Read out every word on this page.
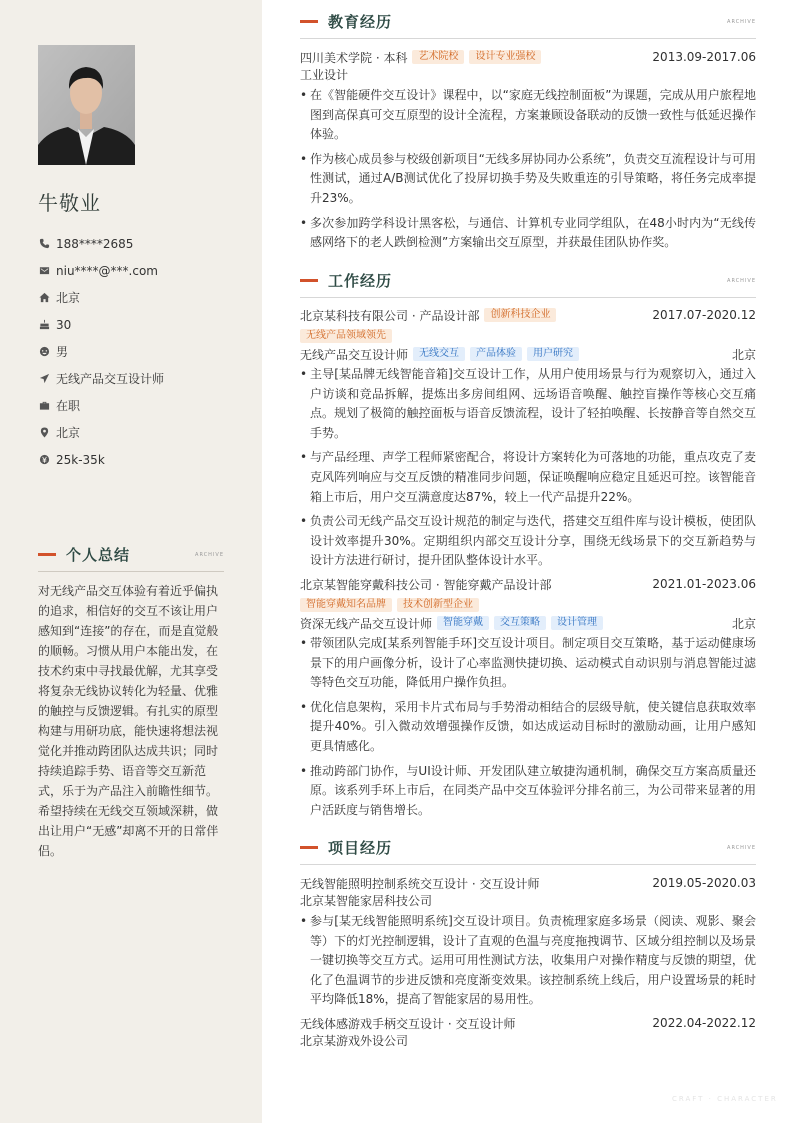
牛敬业
188****2685
niu****@***.com
北京
30
男
无线产品交互设计师
在职
北京
25k-35k
个人总结	ARCHIVE
对无线产品交互体验有着近乎偏执的追求，相信好的交互不该让用户感知到“连接”的存在，而是直觉般的顺畅。习惯从用户本能出发，在技术约束中寻找最优解，尤其享受将复杂无线协议转化为轻量、优雅的触控与反馈逻辑。有扎实的原型构建与用研功底，能快速将想法视觉化并推动跨团队达成共识；同时持续追踪手势、语音等交互新范式，乐于为产品注入前瞻性细节。希望持续在无线交互领域深耕，做出让用户“无感”却离不开的日常伴侣。
教育经历	ARCHIVE
四川美术学院 · 本科	艺术院校	设计专业强校	2013.09-2017.06
工业设计
• 在《智能硬件交互设计》课程中，以“家庭无线控制面板”为课题，完成从用户旅程地图到高保真可交互原型的设计全流程，方案兼顾设备联动的反馈一致性与低延迟操作体验。
• 作为核心成员参与校级创新项目“无线多屏协同办公系统”，负责交互流程设计与可用性测试，通过A/B测试优化了投屏切换手势及失败重连的引导策略，将任务完成率提升23%。
• 多次参加跨学科设计黑客松，与通信、计算机专业同学组队，在48小时内为“无线传感网络下的老人跌倒检测”方案输出交互原型，并获最佳团队协作奖。
工作经历	ARCHIVE
北京某科技有限公司 · 产品设计部	创新科技企业	2017.07-2020.12
无线产品领域领先
无线产品交互设计师	无线交互	产品体验	用户研究	北京
• 主导[某品牌无线智能音箱]交互设计工作，从用户使用场景与行为观察切入，通过入户访谈和竞品拆解，提炼出多房间组网、远场语音唤醒、触控盲操作等核心交互痛点。规划了极简的触控面板与语音反馈流程，设计了轻拍唤醒、长按静音等自然交互手势。
• 与产品经理、声学工程师紧密配合，将设计方案转化为可落地的功能，重点攻克了麦克风阵列响应与交互反馈的精准同步问题，保证唤醒响应稳定且延迟可控。该智能音箱上市后，用户交互满意度达87%，较上一代产品提升22%。
• 负责公司无线产品交互设计规范的制定与迭代，搭建交互组件库与设计模板，使团队设计效率提升30%。定期组织内部交互设计分享，围绕无线场景下的交互新趋势与设计方法进行研讨，提升团队整体设计水平。
北京某智能穿戴科技公司 · 智能穿戴产品设计部	2021.01-2023.06
智能穿戴知名品牌	技术创新型企业
资深无线产品交互设计师	智能穿戴	交互策略	设计管理	北京
• 带领团队完成[某系列智能手环]交互设计项目。制定项目交互策略，基于运动健康场景下的用户画像分析，设计了心率监测快捷切换、运动模式自动识别与消息智能过滤等特色交互功能，降低用户操作负担。
• 优化信息架构，采用卡片式布局与手势滑动相结合的层级导航，使关键信息获取效率提升40%。引入微动效增强操作反馈，如达成运动目标时的激励动画，让用户感知更具情感化。
• 推动跨部门协作，与UI设计师、开发团队建立敏捷沟通机制，确保交互方案高质量还原。该系列手环上市后，在同类产品中交互体验评分排名前三，为公司带来显著的用户活跃度与销售增长。
项目经历	ARCHIVE
无线智能照明控制系统交互设计 · 交互设计师	2019.05-2020.03
北京某智能家居科技公司
• 参与[某无线智能照明系统]交互设计项目。负责梳理家庭多场景（阅读、观影、聚会等）下的灯光控制逻辑，设计了直观的色温与亮度拖拽调节、区域分组控制以及场景一键切换等交互方式。运用可用性测试方法，收集用户对操作精度与反馈的期望，优化了色温调节的步进反馈和亮度渐变效果。该控制系统上线后，用户设置场景的耗时平均降低18%，提高了智能家居的易用性。
无线体感游戏手柄交互设计 · 交互设计师	2022.04-2022.12
北京某游戏外设公司
CRAFT · CHARACTER
